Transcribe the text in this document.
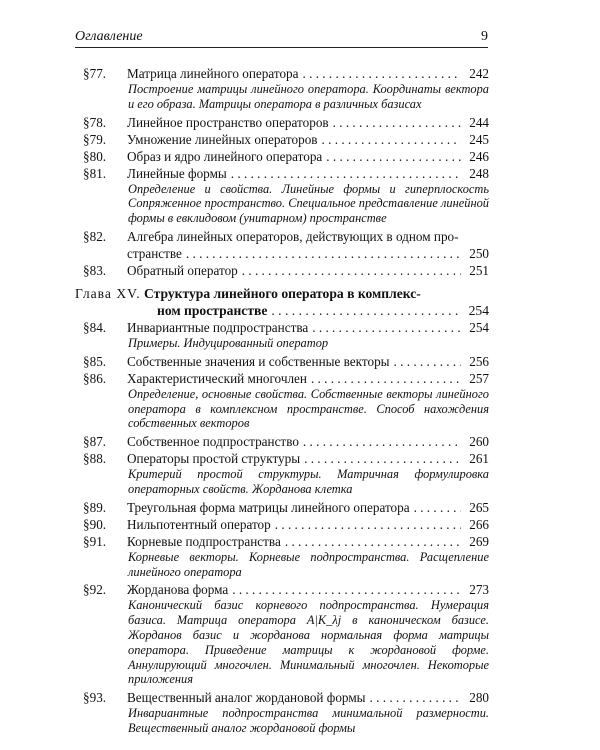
Оглавление	9
§77.	Матрица линейного оператора . . .	242
Построение матрицы линейного оператора. Координаты вектора и его образа. Матрицы оператора в различных базисах
§78.	Линейное пространство операторов . . .	244
§79.	Умножение линейных операторов . . .	245
§80.	Образ и ядро линейного оператора . . .	246
§81.	Линейные формы . . .	248
Определение и свойства. Линейные формы и гиперплоскость Сопряженное пространство. Специальное представление линейной формы в евклидовом (унитарном) пространстве
§82.	Алгебра линейных операторов, действующих в одном про-
странстве . . .	250
§83.	Обратный оператор . . .	251
Глава XV.
Структура линейного оператора в комплекс-
ном пространстве . . .	254
§84.	Инвариантные подпространства . . .	254
Примеры. Индуцированный оператор
§85.	Собственные значения и собственные векторы . . .	256
§86.	Характеристический многочлен . . .	257
Определение, основные свойства. Собственные векторы линейного оператора в комплексном пространстве. Способ нахождения собственных векторов
§87.	Собственное подпространство . . .	260
§88.	Операторы простой структуры . . .	261
Критерий простой структуры. Матричная формулировка операторных свойств. Жорданова клетка
§89.	Треугольная форма матрицы линейного оператора . . .	265
§90.	Нильпотентный оператор . . .	266
§91.	Корневые подпространства . . .	269
Корневые векторы. Корневые подпространства. Расщепление линейного оператора
§92.	Жорданова форма . . .	273
Канонический базис корневого подпространства. Нумерация базиса. Матрица оператора A|K_λj в каноническом базисе. Жорданов базис и жорданова нормальная форма матрицы оператора. Приведение матрицы к жордановой форме. Аннулирующий многочлен. Минимальный многочлен. Некоторые приложения
§93.	Вещественный аналог жордановой формы . . .	280
Инвариантные подпространства минимальной размерности. Вещественный аналог жордановой формы
